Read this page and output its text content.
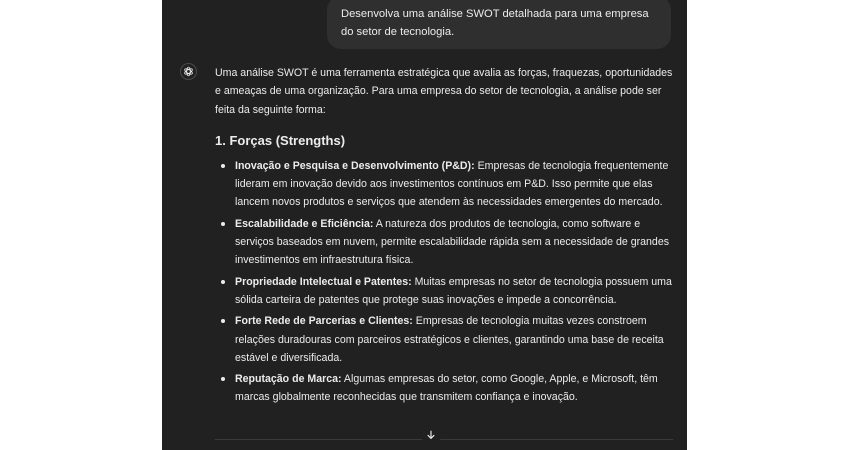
Desenvolva uma análise SWOT detalhada para uma empresa do setor de tecnologia.

Uma análise SWOT é uma ferramenta estratégica que avalia as forças, fraquezas, oportunidades e ameaças de uma organização. Para uma empresa do setor de tecnologia, a análise pode ser feita da seguinte forma:

1. Forças (Strengths)
Inovação e Pesquisa e Desenvolvimento (P&D): Empresas de tecnologia frequentemente lideram em inovação devido aos investimentos contínuos em P&D. Isso permite que elas lancem novos produtos e serviços que atendem às necessidades emergentes do mercado.
Escalabilidade e Eficiência: A natureza dos produtos de tecnologia, como software e serviços baseados em nuvem, permite escalabilidade rápida sem a necessidade de grandes investimentos em infraestrutura física.
Propriedade Intelectual e Patentes: Muitas empresas no setor de tecnologia possuem uma sólida carteira de patentes que protege suas inovações e impede a concorrência.
Forte Rede de Parcerias e Clientes: Empresas de tecnologia muitas vezes constroem relações duradouras com parceiros estratégicos e clientes, garantindo uma base de receita estável e diversificada.
Reputação de Marca: Algumas empresas do setor, como Google, Apple, e Microsoft, têm marcas globalmente reconhecidas que transmitem confiança e inovação.
